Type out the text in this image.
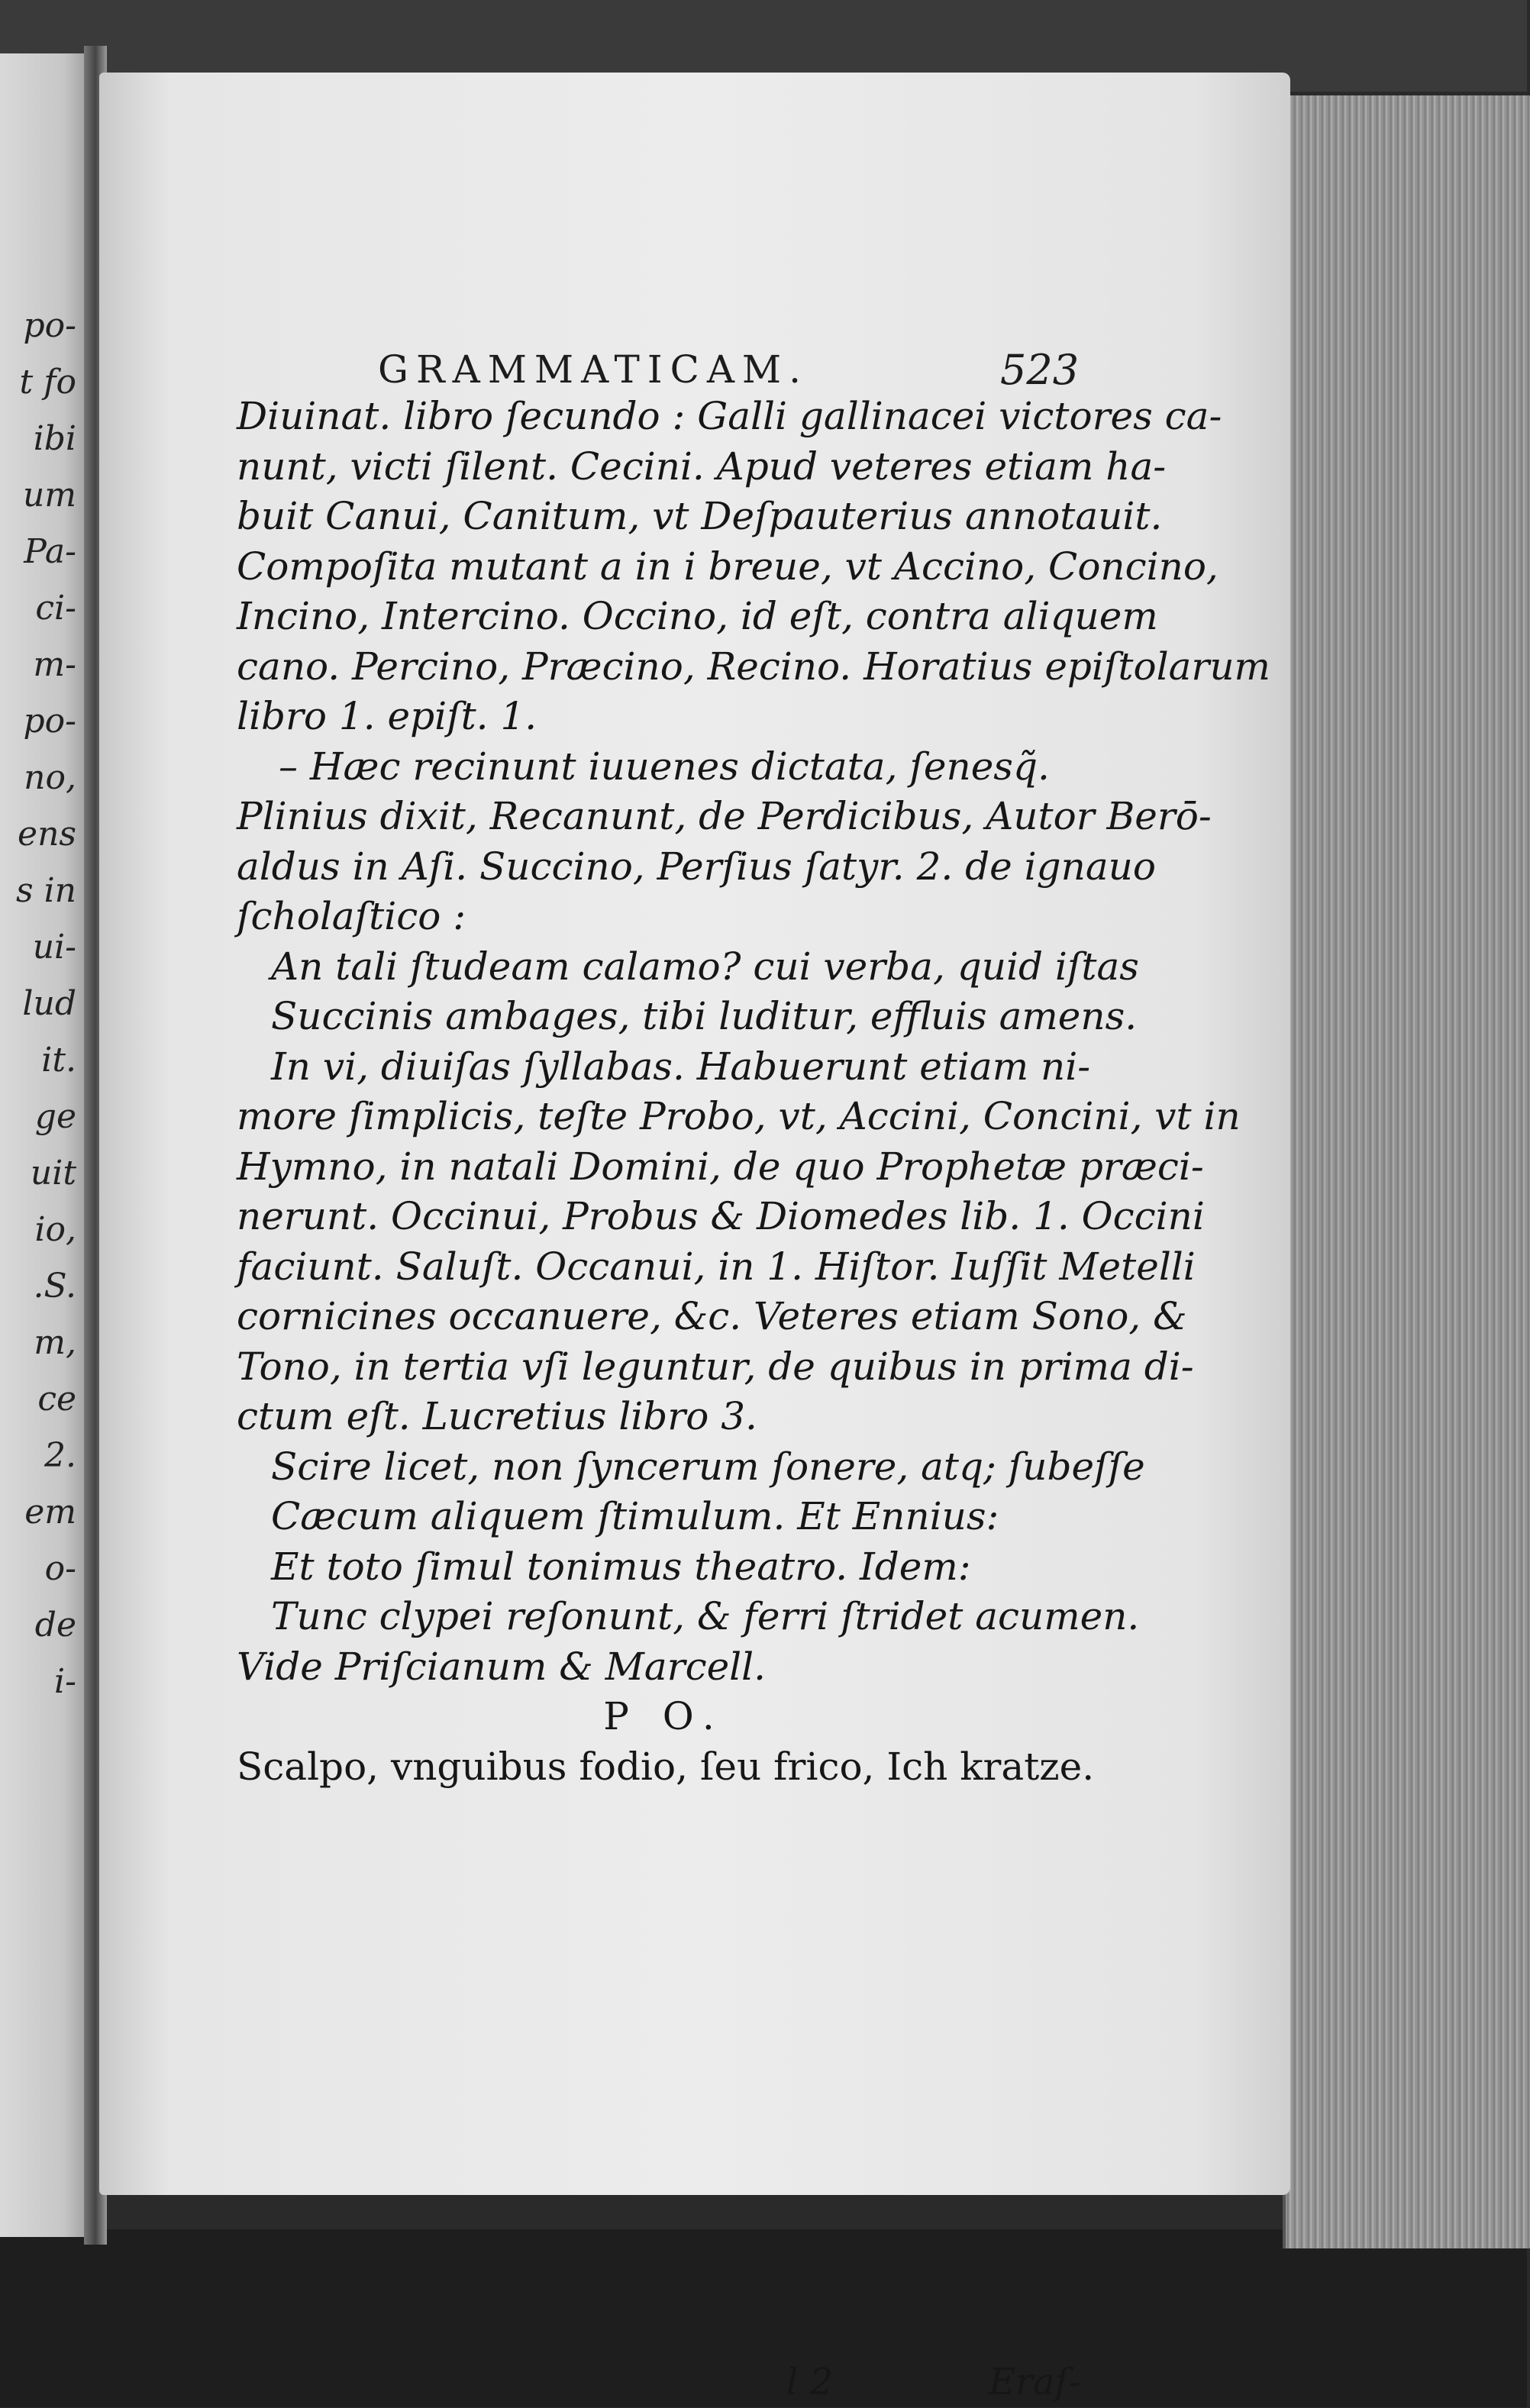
po-
t fo
ibi
um
Pa-
ci-
m-
po-
no,
ens
s in
ui-
lud
it.
ge
uit
io,
.S.
m,
ce
2.
em
o-
de
i-
GRAMMATICAM.	523
Diuinat. libro ſecundo : Galli gallinacei victores ca-
nunt, victi ſilent. Cecini. Apud veteres etiam ha-
buit Canui, Canitum, vt Deſpauterius annotauit.
Compoſita mutant a in i breue, vt Accino, Concino,
Incino, Intercino. Occino, id eſt, contra aliquem
cano. Percino, Præcino, Recino. Horatius epiſtolarum
libro 1. epiſt. 1.
– Hæc recinunt iuuenes dictata, ſenesq̃.
Plinius dixit, Recanunt, de Perdicibus, Autor Berō-
aldus in Aſi. Succino, Perſius ſatyr. 2. de ignauo
ſcholaſtico :
An tali ſtudeam calamo? cui verba, quid iſtas
Succinis ambages, tibi luditur, effluis amens.
In vi, diuiſas ſyllabas. Habuerunt etiam ni-
more ſimplicis, teſte Probo, vt, Accini, Concini, vt in
Hymno, in natali Domini, de quo Prophetæ præci-
nerunt. Occinui, Probus & Diomedes lib. 1. Occini
faciunt. Saluſt. Occanui, in 1. Hiſtor. Iuſſit Metelli
cornicines occanuere, &c. Veteres etiam Sono, &
Tono, in tertia vſi leguntur, de quibus in prima di-
ctum eſt. Lucretius libro 3.
Scire licet, non ſyncerum ſonere, atq; ſubeſſe
Cæcum aliquem ſtimulum. Et Ennius:
Et toto ſimul tonimus theatro. Idem:
Tunc clypei reſonunt, & ferri ſtridet acumen.
Vide Priſcianum & Marcell.
P O.
Scalpo, vnguibus fodio, ſeu frico, Ich kratze.
l 2	Eraſ-
